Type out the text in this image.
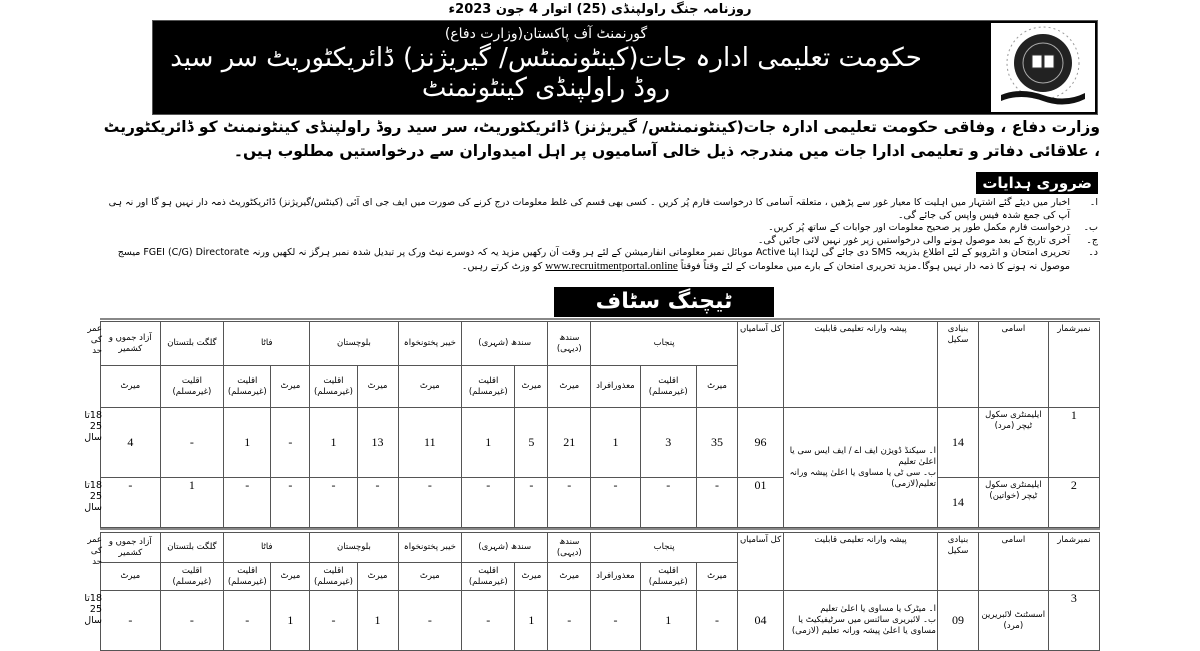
روزنامہ جنگ راولپنڈی (25) اتوار 4 جون 2023ء
گورنمنٹ آف پاکستان(وزارت دفاع)
حکومت تعلیمی ادارہ جات(کینٹونمنٹس/ گیریژنز) ڈائریکٹوریٹ سر سید
روڈ راولپنڈی کینٹونمنٹ
وزارت دفاع ، وفاقی حکومت تعلیمی ادارہ جات(کینٹونمنٹس/ گیریژنز) ڈائریکٹوریٹ، سر سید روڈ راولپنڈی کینٹونمنٹ کو ڈائریکٹوریٹ ، علاقائی دفاتر و تعلیمی ادارا جات میں مندرجہ ذیل خالی آسامیوں پر اہل امیدواران سے درخواستیں مطلوب ہیں۔
ضروری ہدایات
ا۔
اخبار میں دیئے گئے اشتہار میں اہلیت کا معیار غور سے پڑھیں ، متعلقہ آسامی کا درخواست فارم پُر کریں ۔ کسی بھی قسم کی غلط معلومات درج کرنے کی صورت میں ایف جی ای آئی (کینٹس/گیریژنز) ڈائریکٹوریٹ ذمہ دار نہیں ہو گا اور نہ ہی آپ کی جمع شدہ فیس واپس کی جائے گی۔
ب۔
درخواست فارم مکمل طور پر صحیح معلومات اور جوابات کے ساتھ پُر کریں۔
ج۔
آخری تاریخ کے بعد موصول ہونے والی درخواستیں زیر غور نہیں لائی جائیں گی۔
د۔
تحریری امتحان و انٹرویو کے لئے اطلاع بذریعہ SMS دی جائے گی لہٰذا اپنا Active موبائل نمبر معلوماتی انفارمیشن کے لئے ہر وقت آن رکھیں مزید یہ کہ دوسرے نیٹ ورک پر تبدیل شدہ نمبر ہرگز نہ لکھیں ورنہ FGEI (C/G) Directorate میسج موصول نہ ہونے کا ذمہ دار نہیں ہوگا۔مزید تحریری امتحان کے بارے میں معلومات کے لئے وقتاً فوقتاً www.recruitmentportal.online کو وزٹ کرتے رہیں۔
ٹیچنگ سٹاف
نمبرشمار	اسامی	بنیادی سکیل	پیشہ وارانہ تعلیمی قابلیت	کل آسامیاں	پنجاب			سندھ (دیہی)	سندھ (شہری)		خیبر پختونخواہ	بلوچستان		فاٹا		گلگت بلتستان	آزاد جموں و کشمیر	عمر کی حد
					میرٹ	اقلیت (غیرمسلم)	معذورافراد	میرٹ	میرٹ	اقلیت (غیرمسلم)	میرٹ	میرٹ	اقلیت (غیرمسلم)	میرٹ	اقلیت (غیرمسلم)	اقلیت (غیرمسلم)	میرٹ	
1	ایلیمنٹری سکول ٹیچر (مرد)	14	ا۔ سیکنڈ ڈویژن ایف اے / ایف ایس سی یا اعلیٰ تعلیم
ب۔ سی ٹی یا مساوی یا اعلیٰ پیشہ ورانہ تعلیم(لازمی)	96	35	3	1	21	5	1	11	13	1	-	1	-	4	18تا 25 سال
2	ایلیمنٹری سکول ٹیچر (خواتین)	14		01	-	-	-	-	-	-	-	-	-	-	-	1	-	18تا 25 سال
نمبرشمار	اسامی	بنیادی سکیل	پیشہ وارانہ تعلیمی قابلیت	کل آسامیاں	پنجاب			سندھ (دیہی)	سندھ (شہری)		خیبر پختونخواہ	بلوچستان		فاٹا		گلگت بلتستان	آزاد جموں و کشمیر	عمر کی حد
					میرٹ	اقلیت (غیرمسلم)	معذورافراد	میرٹ	میرٹ	اقلیت (غیرمسلم)	میرٹ	میرٹ	اقلیت (غیرمسلم)	میرٹ	اقلیت (غیرمسلم)	اقلیت (غیرمسلم)	میرٹ	
3	اسسٹنٹ لائبریرین (مرد)	09	ا۔ میٹرک یا مساوی یا اعلیٰ تعلیم
ب۔ لائبریری سائنس میں سرٹیفیکیٹ یا مساوی یا اعلیٰ پیشہ ورانہ تعلیم (لازمی)	04	-	1	-	-	1	-	-	1	-	1	-	-	-	18تا 25 سال
